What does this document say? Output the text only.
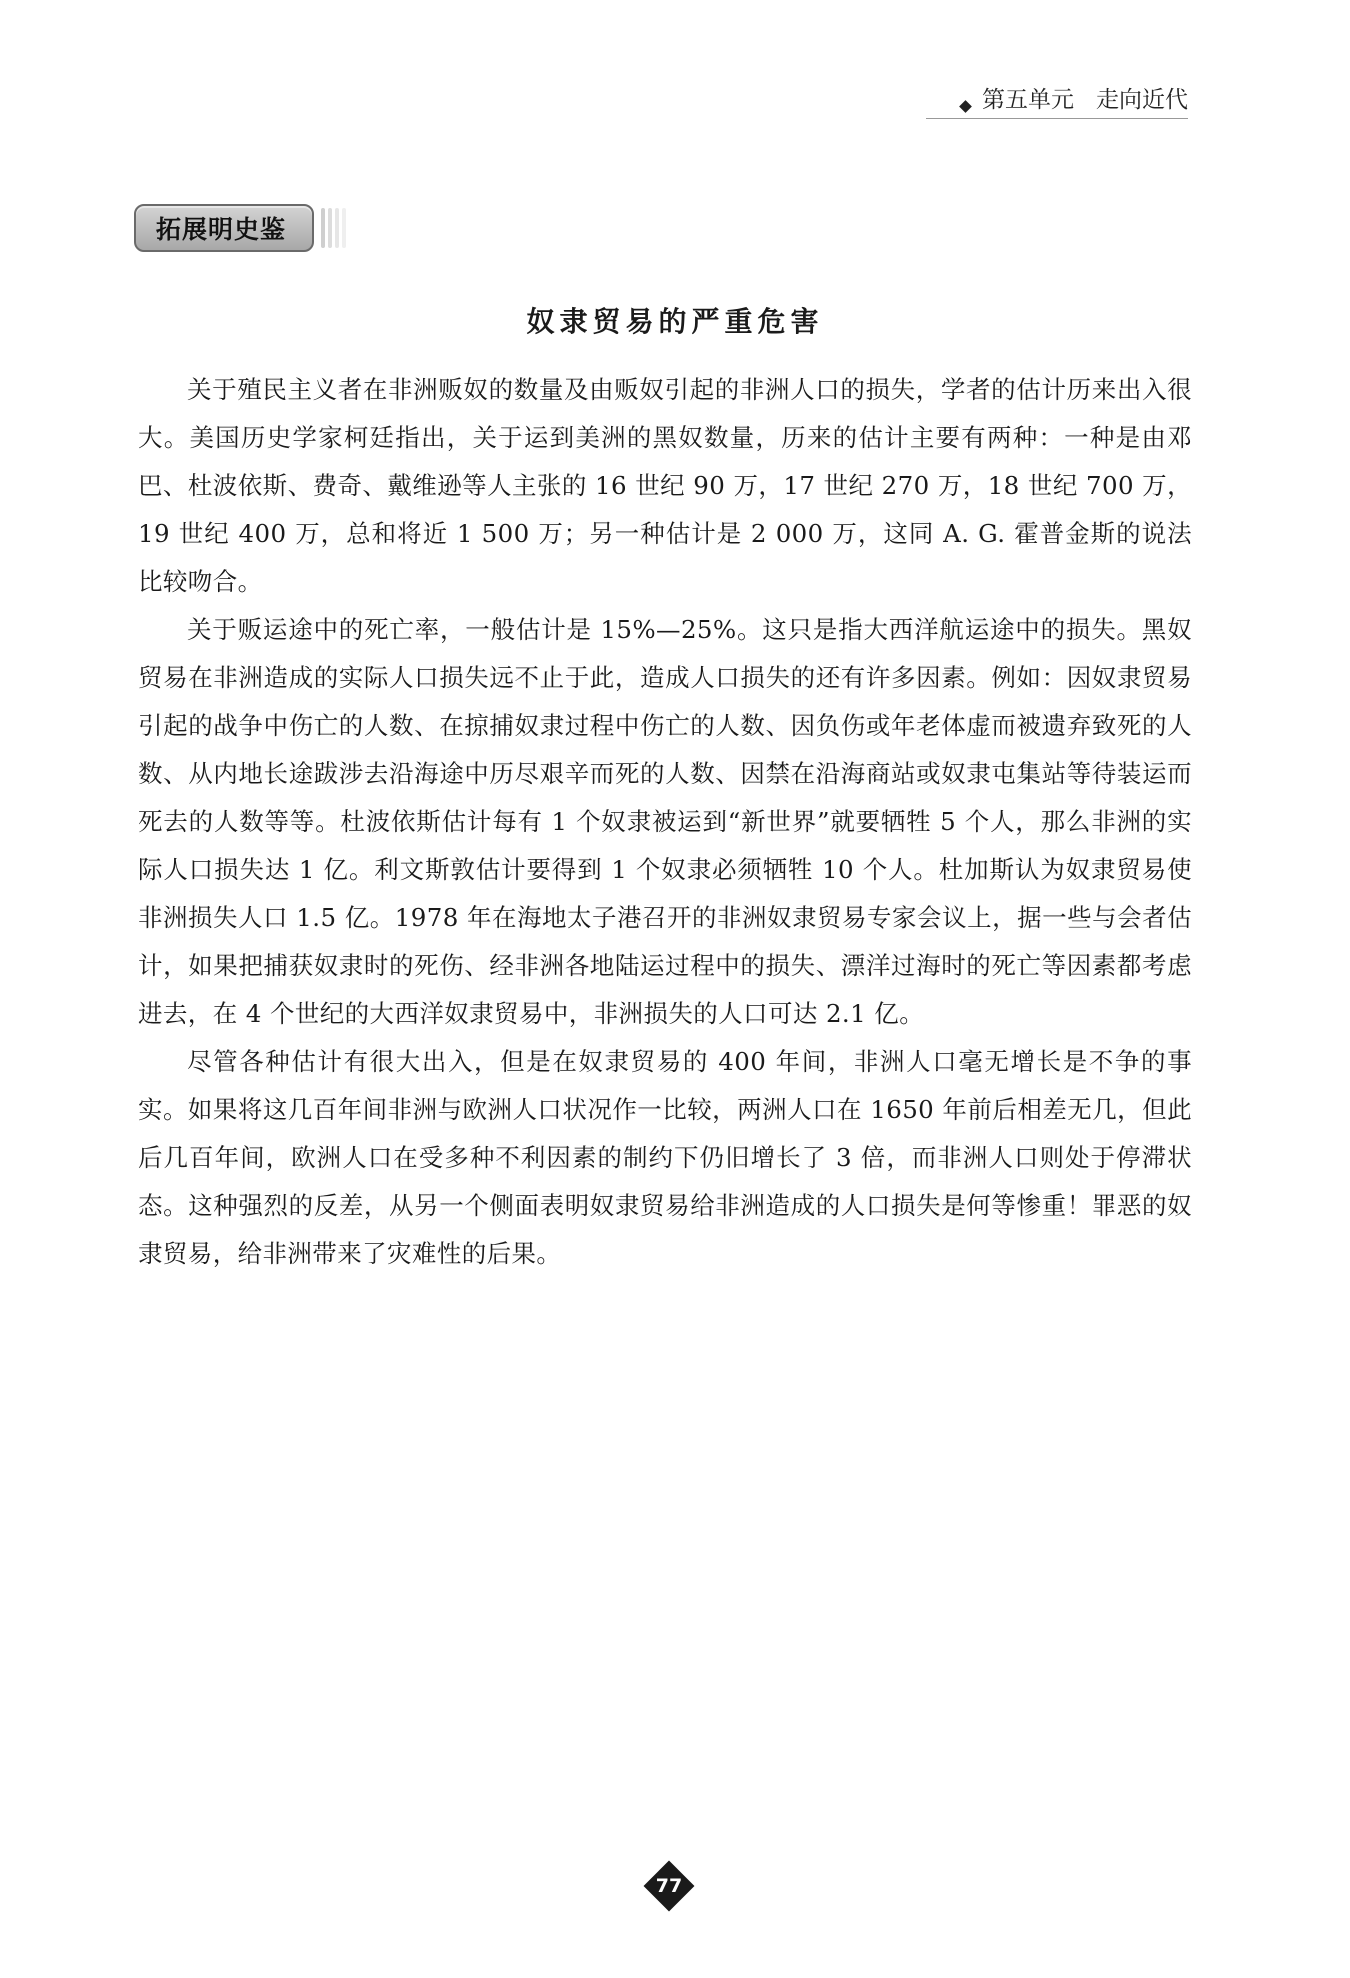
第五单元 走向近代
拓展明史鉴
奴隶贸易的严重危害

关于殖民主义者在非洲贩奴的数量及由贩奴引起的非洲人口的损失，学者的估计历来出入很大。美国历史学家柯廷指出，关于运到美洲的黑奴数量，历来的估计主要有两种：一种是由邓巴、杜波依斯、费奇、戴维逊等人主张的 16 世纪 90 万，17 世纪 270 万，18 世纪 700 万，19 世纪 400 万，总和将近 1 500 万；另一种估计是 2 000 万，这同 A. G. 霍普金斯的说法比较吻合。

关于贩运途中的死亡率，一般估计是 15%—25%。这只是指大西洋航运途中的损失。黑奴贸易在非洲造成的实际人口损失远不止于此，造成人口损失的还有许多因素。例如：因奴隶贸易引起的战争中伤亡的人数、在掠捕奴隶过程中伤亡的人数、因负伤或年老体虚而被遗弃致死的人数、从内地长途跋涉去沿海途中历尽艰辛而死的人数、因禁在沿海商站或奴隶屯集站等待装运而死去的人数等等。杜波依斯估计每有 1 个奴隶被运到“新世界”就要牺牲 5 个人，那么非洲的实际人口损失达 1 亿。利文斯敦估计要得到 1 个奴隶必须牺牲 10 个人。杜加斯认为奴隶贸易使非洲损失人口 1.5 亿。1978 年在海地太子港召开的非洲奴隶贸易专家会议上，据一些与会者估计，如果把捕获奴隶时的死伤、经非洲各地陆运过程中的损失、漂洋过海时的死亡等因素都考虑进去，在 4 个世纪的大西洋奴隶贸易中，非洲损失的人口可达 2.1 亿。

尽管各种估计有很大出入，但是在奴隶贸易的 400 年间，非洲人口毫无增长是不争的事实。如果将这几百年间非洲与欧洲人口状况作一比较，两洲人口在 1650 年前后相差无几，但此后几百年间，欧洲人口在受多种不利因素的制约下仍旧增长了 3 倍，而非洲人口则处于停滞状态。这种强烈的反差，从另一个侧面表明奴隶贸易给非洲造成的人口损失是何等惨重！罪恶的奴隶贸易，给非洲带来了灾难性的后果。

77
